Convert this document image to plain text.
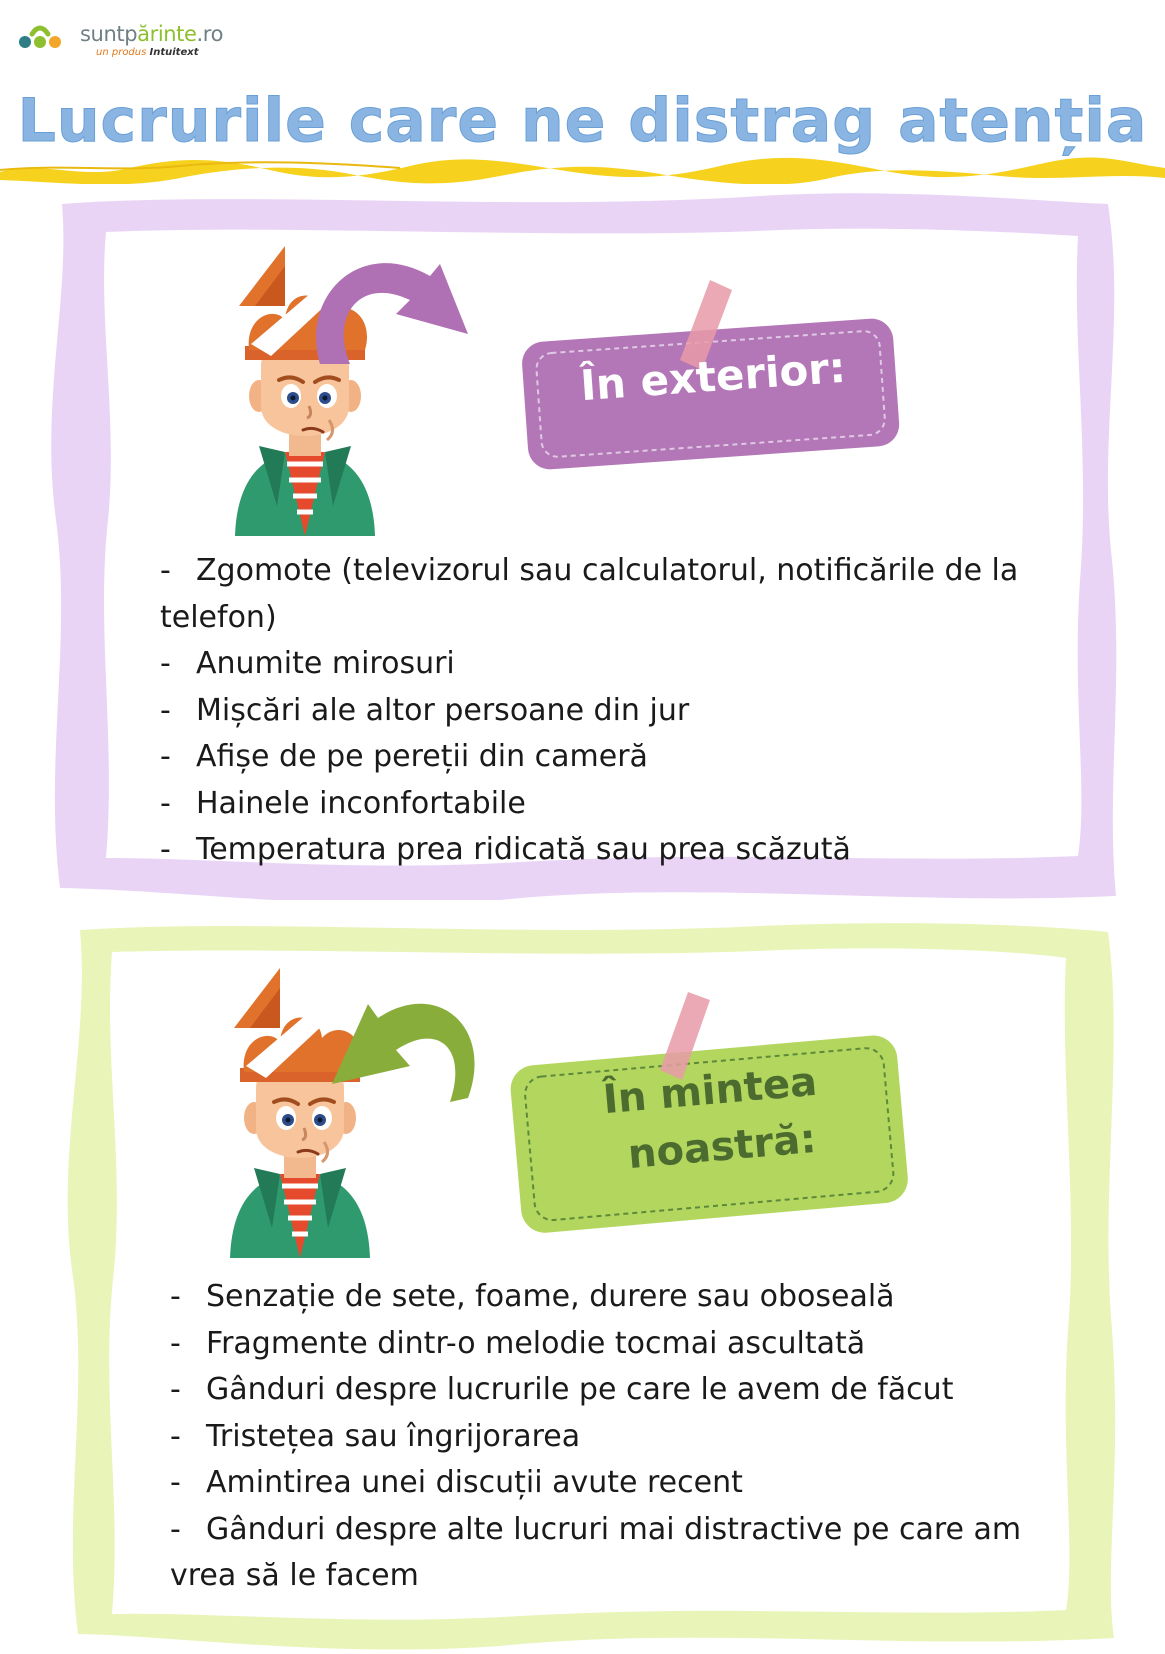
suntpărinte.ro
un produs Intuitext
Lucrurile care ne distrag atenția
În exterior:
- Zgomote (televizorul sau calculatorul, notificările de la telefon)
- Anumite mirosuri
- Mișcări ale altor persoane din jur
- Afișe de pe pereții din cameră
- Hainele inconfortabile
- Temperatura prea ridicată sau prea scăzută
În mintea
noastră:
- Senzație de sete, foame, durere sau oboseală
- Fragmente dintr-o melodie tocmai ascultată
- Gânduri despre lucrurile pe care le avem de făcut
- Tristețea sau îngrijorarea
- Amintirea unei discuții avute recent
- Gânduri despre alte lucruri mai distractive pe care am vrea să le facem
